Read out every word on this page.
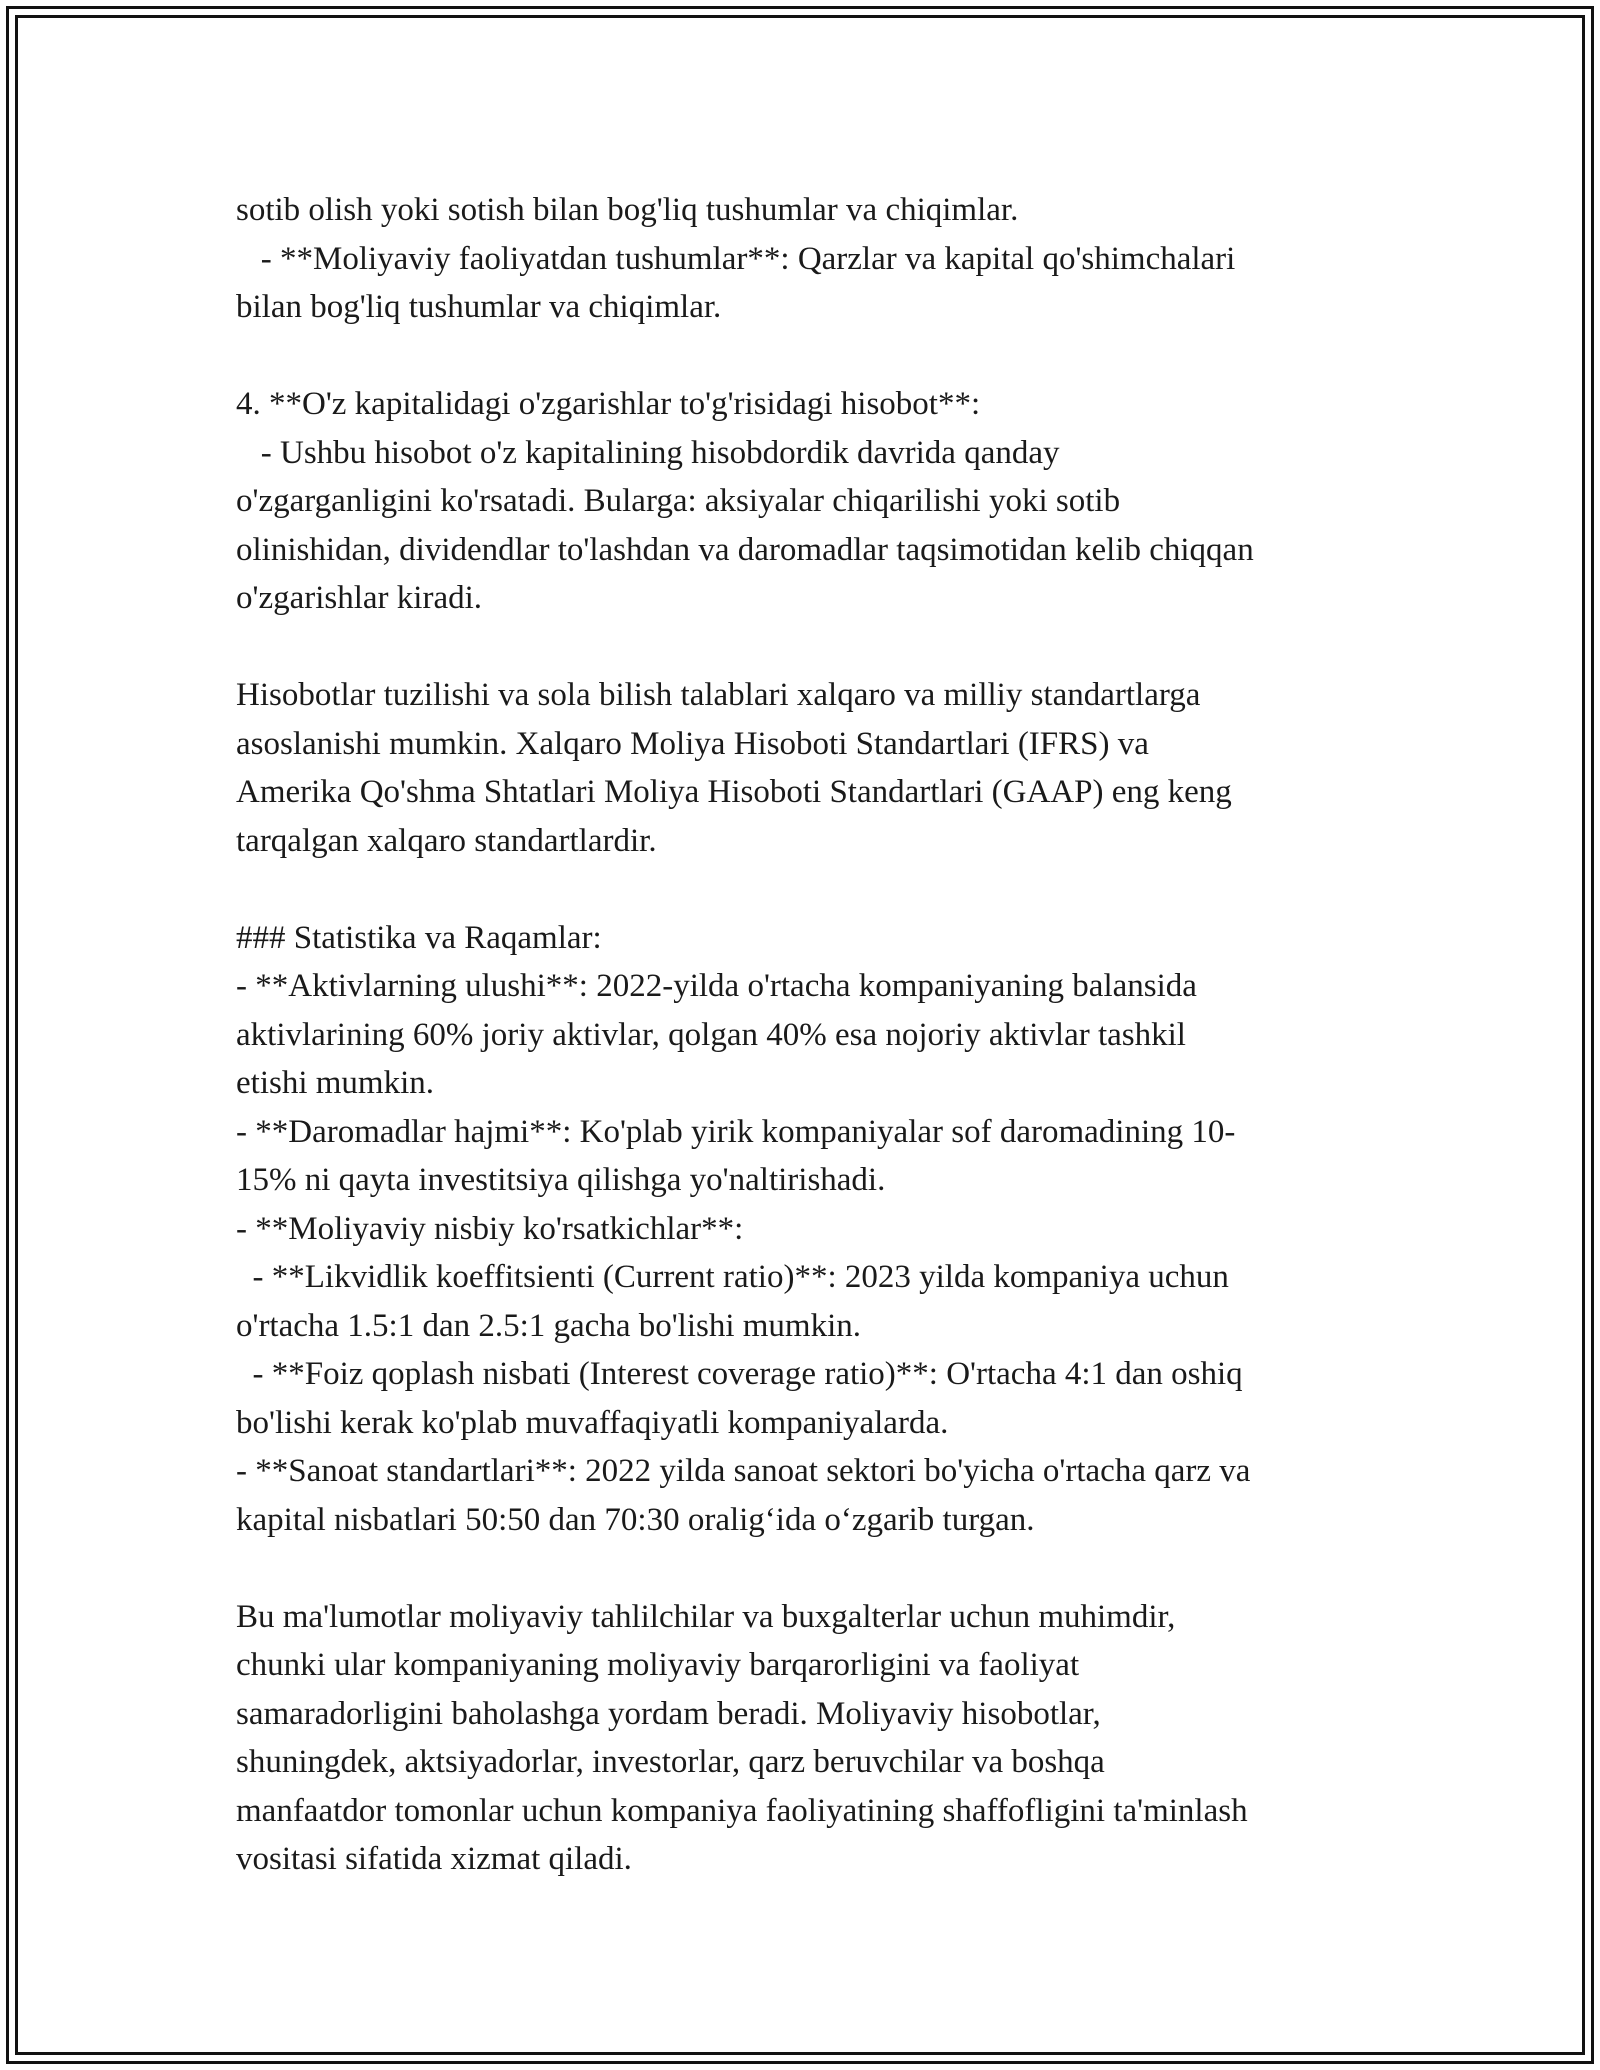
sotib olish yoki sotish bilan bog'liq tushumlar va chiqimlar.
- **Moliyaviy faoliyatdan tushumlar**: Qarzlar va kapital qo'shimchalari
bilan bog'liq tushumlar va chiqimlar.
4. **O'z kapitalidagi o'zgarishlar to'g'risidagi hisobot**:
- Ushbu hisobot o'z kapitalining hisobdordik davrida qanday
o'zgarganligini ko'rsatadi. Bularga: aksiyalar chiqarilishi yoki sotib
olinishidan, dividendlar to'lashdan va daromadlar taqsimotidan kelib chiqqan
o'zgarishlar kiradi.
Hisobotlar tuzilishi va sola bilish talablari xalqaro va milliy standartlarga
asoslanishi mumkin. Xalqaro Moliya Hisoboti Standartlari (IFRS) va
Amerika Qo'shma Shtatlari Moliya Hisoboti Standartlari (GAAP) eng keng
tarqalgan xalqaro standartlardir.
### Statistika va Raqamlar:
- **Aktivlarning ulushi**: 2022-yilda o'rtacha kompaniyaning balansida
aktivlarining 60% joriy aktivlar, qolgan 40% esa nojoriy aktivlar tashkil
etishi mumkin.
- **Daromadlar hajmi**: Ko'plab yirik kompaniyalar sof daromadining 10-
15% ni qayta investitsiya qilishga yo'naltirishadi.
- **Moliyaviy nisbiy ko'rsatkichlar**:
- **Likvidlik koeffitsienti (Current ratio)**: 2023 yilda kompaniya uchun
o'rtacha 1.5:1 dan 2.5:1 gacha bo'lishi mumkin.
- **Foiz qoplash nisbati (Interest coverage ratio)**: O'rtacha 4:1 dan oshiq
bo'lishi kerak ko'plab muvaffaqiyatli kompaniyalarda.
- **Sanoat standartlari**: 2022 yilda sanoat sektori bo'yicha o'rtacha qarz va
kapital nisbatlari 50:50 dan 70:30 oralig‘ida o‘zgarib turgan.
Bu ma'lumotlar moliyaviy tahlilchilar va buxgalterlar uchun muhimdir,
chunki ular kompaniyaning moliyaviy barqarorligini va faoliyat
samaradorligini baholashga yordam beradi. Moliyaviy hisobotlar,
shuningdek, aktsiyadorlar, investorlar, qarz beruvchilar va boshqa
manfaatdor tomonlar uchun kompaniya faoliyatining shaffofligini ta'minlash
vositasi sifatida xizmat qiladi.
